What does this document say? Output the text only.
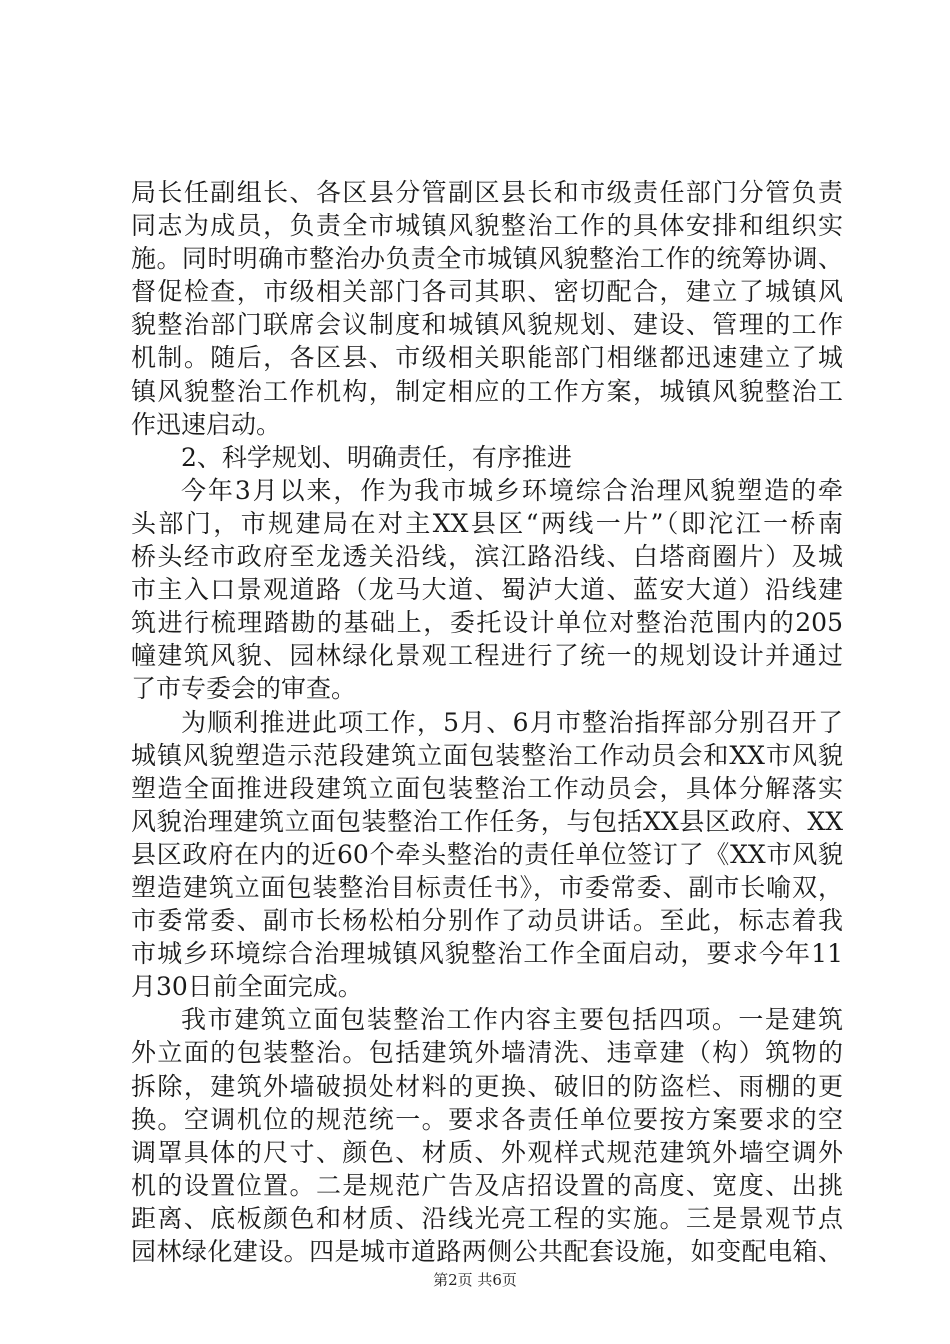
局长任副组长、各区县分管副区县长和市级责任部门分管负责
同志为成员，负责全市城镇风貌整治工作的具体安排和组织实
施。同时明确市整治办负责全市城镇风貌整治工作的统筹协调、
督促检查，市级相关部门各司其职、密切配合，建立了城镇风
貌整治部门联席会议制度和城镇风貌规划、建设、管理的工作
机制。随后，各区县、市级相关职能部门相继都迅速建立了城
镇风貌整治工作机构，制定相应的工作方案，城镇风貌整治工
作迅速启动。
2、科学规划、明确责任，有序推进
今年3月以来，作为我市城乡环境综合治理风貌塑造的牵
头部门，市规建局在对主XX县区“两线一片”（即沱江一桥南
桥头经市政府至龙透关沿线，滨江路沿线、白塔商圈片）及城
市主入口景观道路（龙马大道、蜀泸大道、蓝安大道）沿线建
筑进行梳理踏勘的基础上，委托设计单位对整治范围内的205
幢建筑风貌、园林绿化景观工程进行了统一的规划设计并通过
了市专委会的审查。
为顺利推进此项工作，5月、6月市整治指挥部分别召开了
城镇风貌塑造示范段建筑立面包装整治工作动员会和XX市风貌
塑造全面推进段建筑立面包装整治工作动员会，具体分解落实
风貌治理建筑立面包装整治工作任务，与包括XX县区政府、XX
县区政府在内的近60个牵头整治的责任单位签订了《XX市风貌
塑造建筑立面包装整治目标责任书》，市委常委、副市长喻双，
市委常委、副市长杨松柏分别作了动员讲话。至此，标志着我
市城乡环境综合治理城镇风貌整治工作全面启动，要求今年11
月30日前全面完成。
我市建筑立面包装整治工作内容主要包括四项。一是建筑
外立面的包装整治。包括建筑外墙清洗、违章建（构）筑物的
拆除，建筑外墙破损处材料的更换、破旧的防盗栏、雨棚的更
换。空调机位的规范统一。要求各责任单位要按方案要求的空
调罩具体的尺寸、颜色、材质、外观样式规范建筑外墙空调外
机的设置位置。二是规范广告及店招设置的高度、宽度、出挑
距离、底板颜色和材质、沿线光亮工程的实施。三是景观节点
园林绿化建设。四是城市道路两侧公共配套设施，如变配电箱、
第2页 共6页
